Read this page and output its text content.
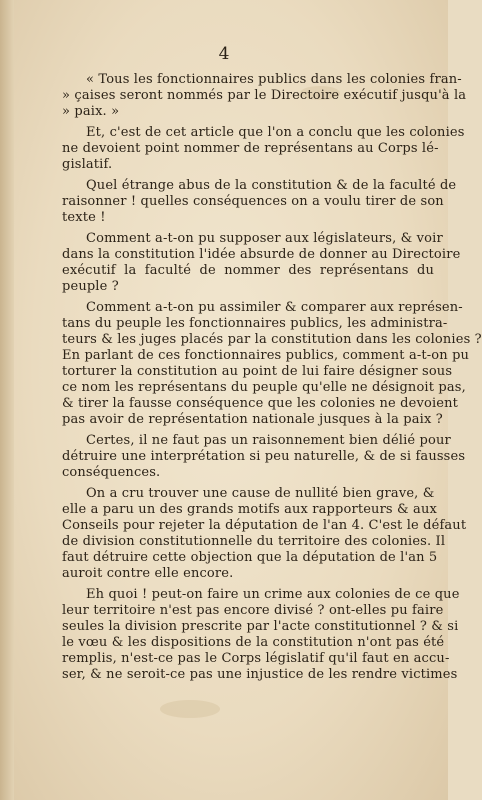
4
« Tous les fonctionnaires publics dans les colonies fran-
» çaises seront nommés par le Directoire exécutif jusqu'à la
» paix. »
Et, c'est de cet article que l'on a conclu que les colonies
ne devoient point nommer de représentans au Corps lé-
gislatif.
Quel étrange abus de la constitution & de la faculté de
raisonner ! quelles conséquences on a voulu tirer de son
texte !
Comment a-t-on pu supposer aux législateurs, & voir
dans la constitution l'idée absurde de donner au Directoire
exécutif la faculté de nommer des représentans du
peuple ?
Comment a-t-on pu assimiler & comparer aux représen-
tans du peuple les fonctionnaires publics, les administra-
teurs & les juges placés par la constitution dans les colonies ?
En parlant de ces fonctionnaires publics, comment a-t-on pu
torturer la constitution au point de lui faire désigner sous
ce nom les représentans du peuple qu'elle ne désignoit pas,
& tirer la fausse conséquence que les colonies ne devoient
pas avoir de représentation nationale jusques à la paix ?
Certes, il ne faut pas un raisonnement bien délié pour
détruire une interprétation si peu naturelle, & de si fausses
conséquences.
On a cru trouver une cause de nullité bien grave, &
elle a paru un des grands motifs aux rapporteurs & aux
Conseils pour rejeter la députation de l'an 4. C'est le défaut
de division constitutionnelle du territoire des colonies. Il
faut détruire cette objection que la députation de l'an 5
auroit contre elle encore.
Eh quoi ! peut-on faire un crime aux colonies de ce que
leur territoire n'est pas encore divisé ? ont-elles pu faire
seules la division prescrite par l'acte constitutionnel ? & si
le vœu & les dispositions de la constitution n'ont pas été
remplis, n'est-ce pas le Corps législatif qu'il faut en accu-
ser, & ne seroit-ce pas une injustice de les rendre victimes
